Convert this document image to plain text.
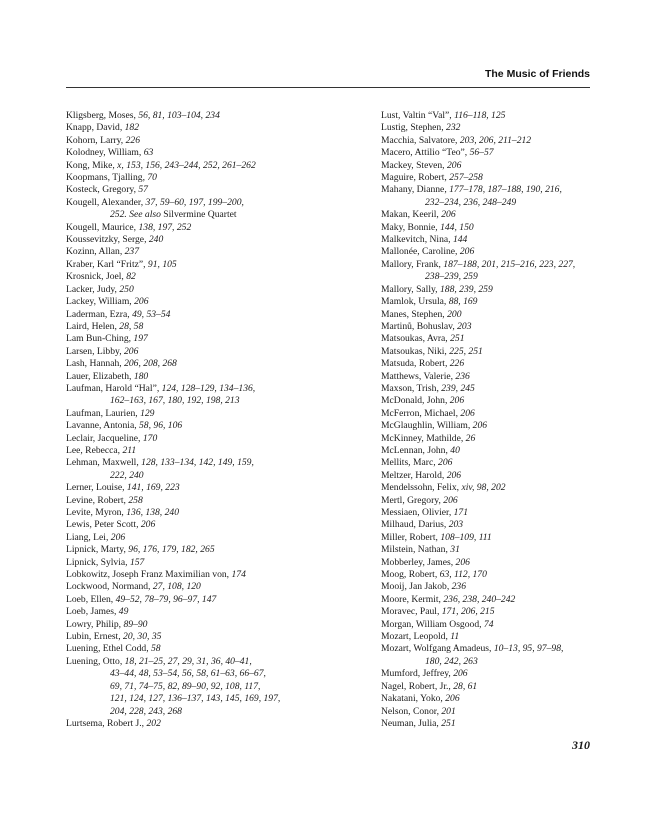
The Music of Friends
Kligsberg, Moses, 56, 81, 103–104, 234
Knapp, David, 182
Kohorn, Larry, 226
Kolodney, William, 63
Kong, Mike, x, 153, 156, 243–244, 252, 261–262
Koopmans, Tjalling, 70
Kosteck, Gregory, 57
Kougell, Alexander, 37, 59–60, 197, 199–200,
252. See also Silvermine Quartet
Kougell, Maurice, 138, 197, 252
Koussevitzky, Serge, 240
Kozinn, Allan, 237
Kraber, Karl “Fritz”, 91, 105
Krosnick, Joel, 82
Lacker, Judy, 250
Lackey, William, 206
Laderman, Ezra, 49, 53–54
Laird, Helen, 28, 58
Lam Bun-Ching, 197
Larsen, Libby, 206
Lash, Hannah, 206, 208, 268
Lauer, Elizabeth, 180
Laufman, Harold “Hal”, 124, 128–129, 134–136,
162–163, 167, 180, 192, 198, 213
Laufman, Laurien, 129
Lavanne, Antonia, 58, 96, 106
Leclair, Jacqueline, 170
Lee, Rebecca, 211
Lehman, Maxwell, 128, 133–134, 142, 149, 159,
222, 240
Lerner, Louise, 141, 169, 223
Levine, Robert, 258
Levite, Myron, 136, 138, 240
Lewis, Peter Scott, 206
Liang, Lei, 206
Lipnick, Marty, 96, 176, 179, 182, 265
Lipnick, Sylvia, 157
Lobkowitz, Joseph Franz Maximilian von, 174
Lockwood, Normand, 27, 108, 120
Loeb, Ellen, 49–52, 78–79, 96–97, 147
Loeb, James, 49
Lowry, Philip, 89–90
Lubin, Ernest, 20, 30, 35
Luening, Ethel Codd, 58
Luening, Otto, 18, 21–25, 27, 29, 31, 36, 40–41,
43–44, 48, 53–54, 56, 58, 61–63, 66–67,
69, 71, 74–75, 82, 89–90, 92, 108, 117,
121, 124, 127, 136–137, 143, 145, 169, 197,
204, 228, 243, 268
Lurtsema, Robert J., 202
Lust, Valtin “Val”, 116–118, 125
Lustig, Stephen, 232
Macchia, Salvatore, 203, 206, 211–212
Macero, Attilio “Teo”, 56–57
Mackey, Steven, 206
Maguire, Robert, 257–258
Mahany, Dianne, 177–178, 187–188, 190, 216,
232–234, 236, 248–249
Makan, Keeril, 206
Maky, Bonnie, 144, 150
Malkevitch, Nina, 144
Mallonée, Caroline, 206
Mallory, Frank, 187–188, 201, 215–216, 223, 227,
238–239, 259
Mallory, Sally, 188, 239, 259
Mamlok, Ursula, 88, 169
Manes, Stephen, 200
Martinů, Bohuslav, 203
Matsoukas, Avra, 251
Matsoukas, Niki, 225, 251
Matsuda, Robert, 226
Matthews, Valerie, 236
Maxson, Trish, 239, 245
McDonald, John, 206
McFerron, Michael, 206
McGlaughlin, William, 206
McKinney, Mathilde, 26
McLennan, John, 40
Mellits, Marc, 206
Meltzer, Harold, 206
Mendelssohn, Felix, xiv, 98, 202
Mertl, Gregory, 206
Messiaen, Olivier, 171
Milhaud, Darius, 203
Miller, Robert, 108–109, 111
Milstein, Nathan, 31
Mobberley, James, 206
Moog, Robert, 63, 112, 170
Mooij, Jan Jakob, 236
Moore, Kermit, 236, 238, 240–242
Moravec, Paul, 171, 206, 215
Morgan, William Osgood, 74
Mozart, Leopold, 11
Mozart, Wolfgang Amadeus, 10–13, 95, 97–98,
180, 242, 263
Mumford, Jeffrey, 206
Nagel, Robert, Jr., 28, 61
Nakatani, Yoko, 206
Nelson, Conor, 201
Neuman, Julia, 251
310
